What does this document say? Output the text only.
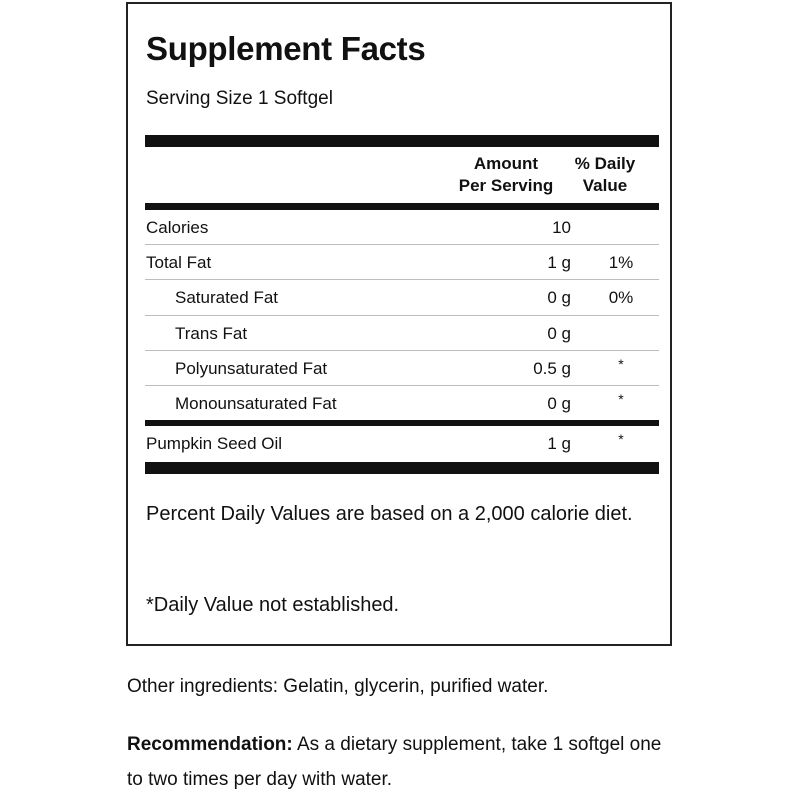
Supplement Facts
Serving Size 1 Softgel
Amount
Per Serving
% Daily
Value
Calories	10
Total Fat	1 g	1%
Saturated Fat	0 g	0%
Trans Fat	0 g
Polyunsaturated Fat	0.5 g	*
Monounsaturated Fat	0 g	*
Pumpkin Seed Oil	1 g	*
Percent Daily Values are based on a 2,000 calorie diet.
*Daily Value not established.
Other ingredients: Gelatin, glycerin, purified water.
Recommendation: As a dietary supplement, take 1 softgel one to two times per day with water.
